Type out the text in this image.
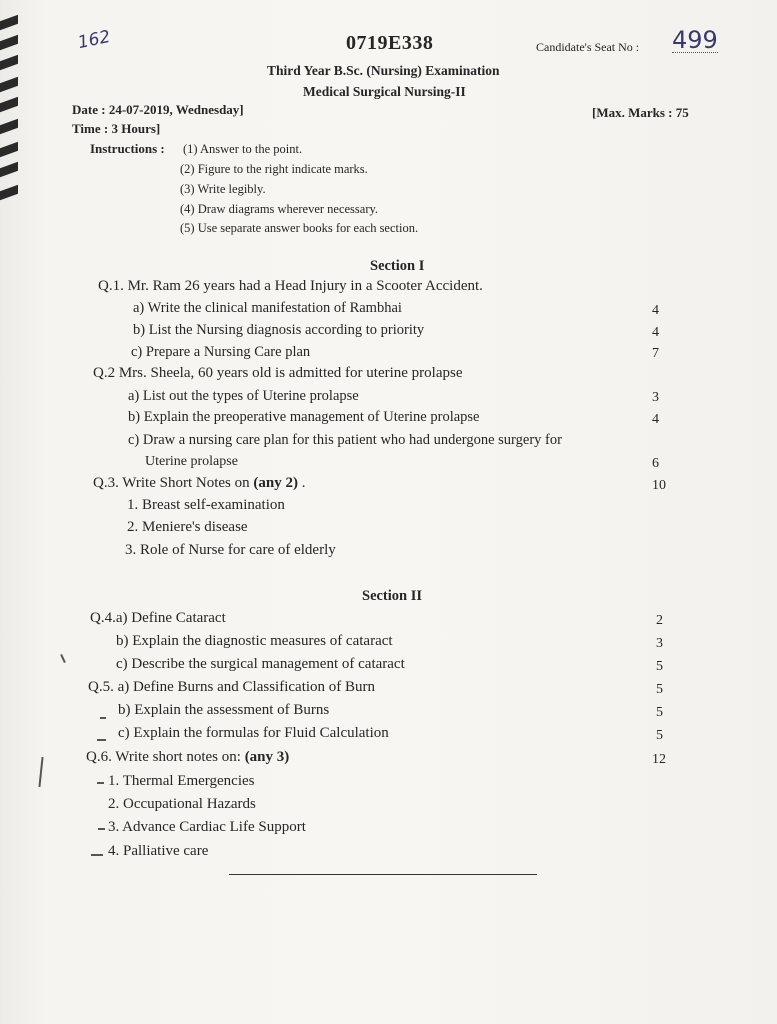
162	0719E338	Candidate's Seat No : 499
Third Year B.Sc. (Nursing) Examination
Medical Surgical Nursing-II
Date : 24-07-2019, Wednesday]	[Max. Marks : 75
Time : 3 Hours]
Instructions : (1) Answer to the point.
(2) Figure to the right indicate marks.
(3) Write legibly.
(4) Draw diagrams wherever necessary.
(5) Use separate answer books for each section.
Section I
Q.1. Mr. Ram 26 years had a Head Injury in a Scooter Accident.
a) Write the clinical manifestation of Rambhai	4
b) List the Nursing diagnosis according to priority	4
c) Prepare a Nursing Care plan	7
Q.2 Mrs. Sheela, 60 years old is admitted for uterine prolapse
a) List out the types of Uterine prolapse	3
b) Explain the preoperative management of Uterine prolapse	4
c) Draw a nursing care plan for this patient who had undergone surgery for
Uterine prolapse	6
Q.3. Write Short Notes on (any 2) .	10
1. Breast self-examination
2. Meniere's disease
3. Role of Nurse for care of elderly
Section II
Q.4.a) Define Cataract	2
b) Explain the diagnostic measures of cataract	3
c) Describe the surgical management of cataract	5
Q.5. a) Define Burns and Classification of Burn	5
b) Explain the assessment of Burns	5
c) Explain the formulas for Fluid Calculation	5
Q.6. Write short notes on: (any 3)	12
1. Thermal Emergencies
2. Occupational Hazards
3. Advance Cardiac Life Support
4. Palliative care
